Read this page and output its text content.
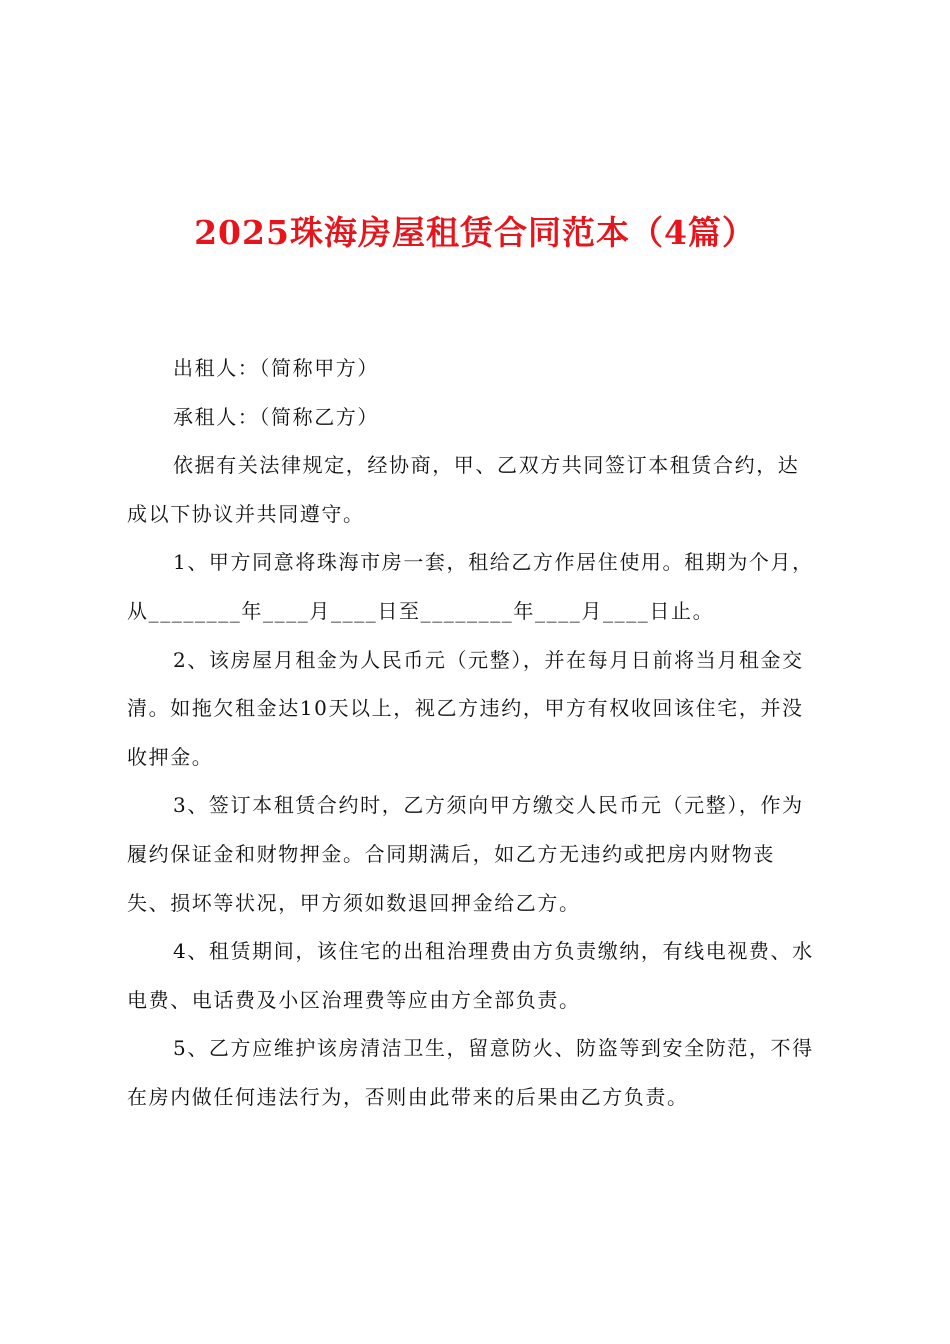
2025珠海房屋租赁合同范本（4篇）
出租人：（简称甲方）
承租人：（简称乙方）
依据有关法律规定，经协商，甲、乙双方共同签订本租赁合约，达
成以下协议并共同遵守。
1、甲方同意将珠海市房一套，租给乙方作居住使用。租期为个月，
从________年____月____日至________年____月____日止。
2、该房屋月租金为人民币元（元整），并在每月日前将当月租金交
清。如拖欠租金达10天以上，视乙方违约，甲方有权收回该住宅，并没
收押金。
3、签订本租赁合约时，乙方须向甲方缴交人民币元（元整），作为
履约保证金和财物押金。合同期满后，如乙方无违约或把房内财物丧
失、损坏等状况，甲方须如数退回押金给乙方。
4、租赁期间，该住宅的出租治理费由方负责缴纳，有线电视费、水
电费、电话费及小区治理费等应由方全部负责。
5、乙方应维护该房清洁卫生，留意防火、防盗等到安全防范，不得
在房内做任何违法行为，否则由此带来的后果由乙方负责。
